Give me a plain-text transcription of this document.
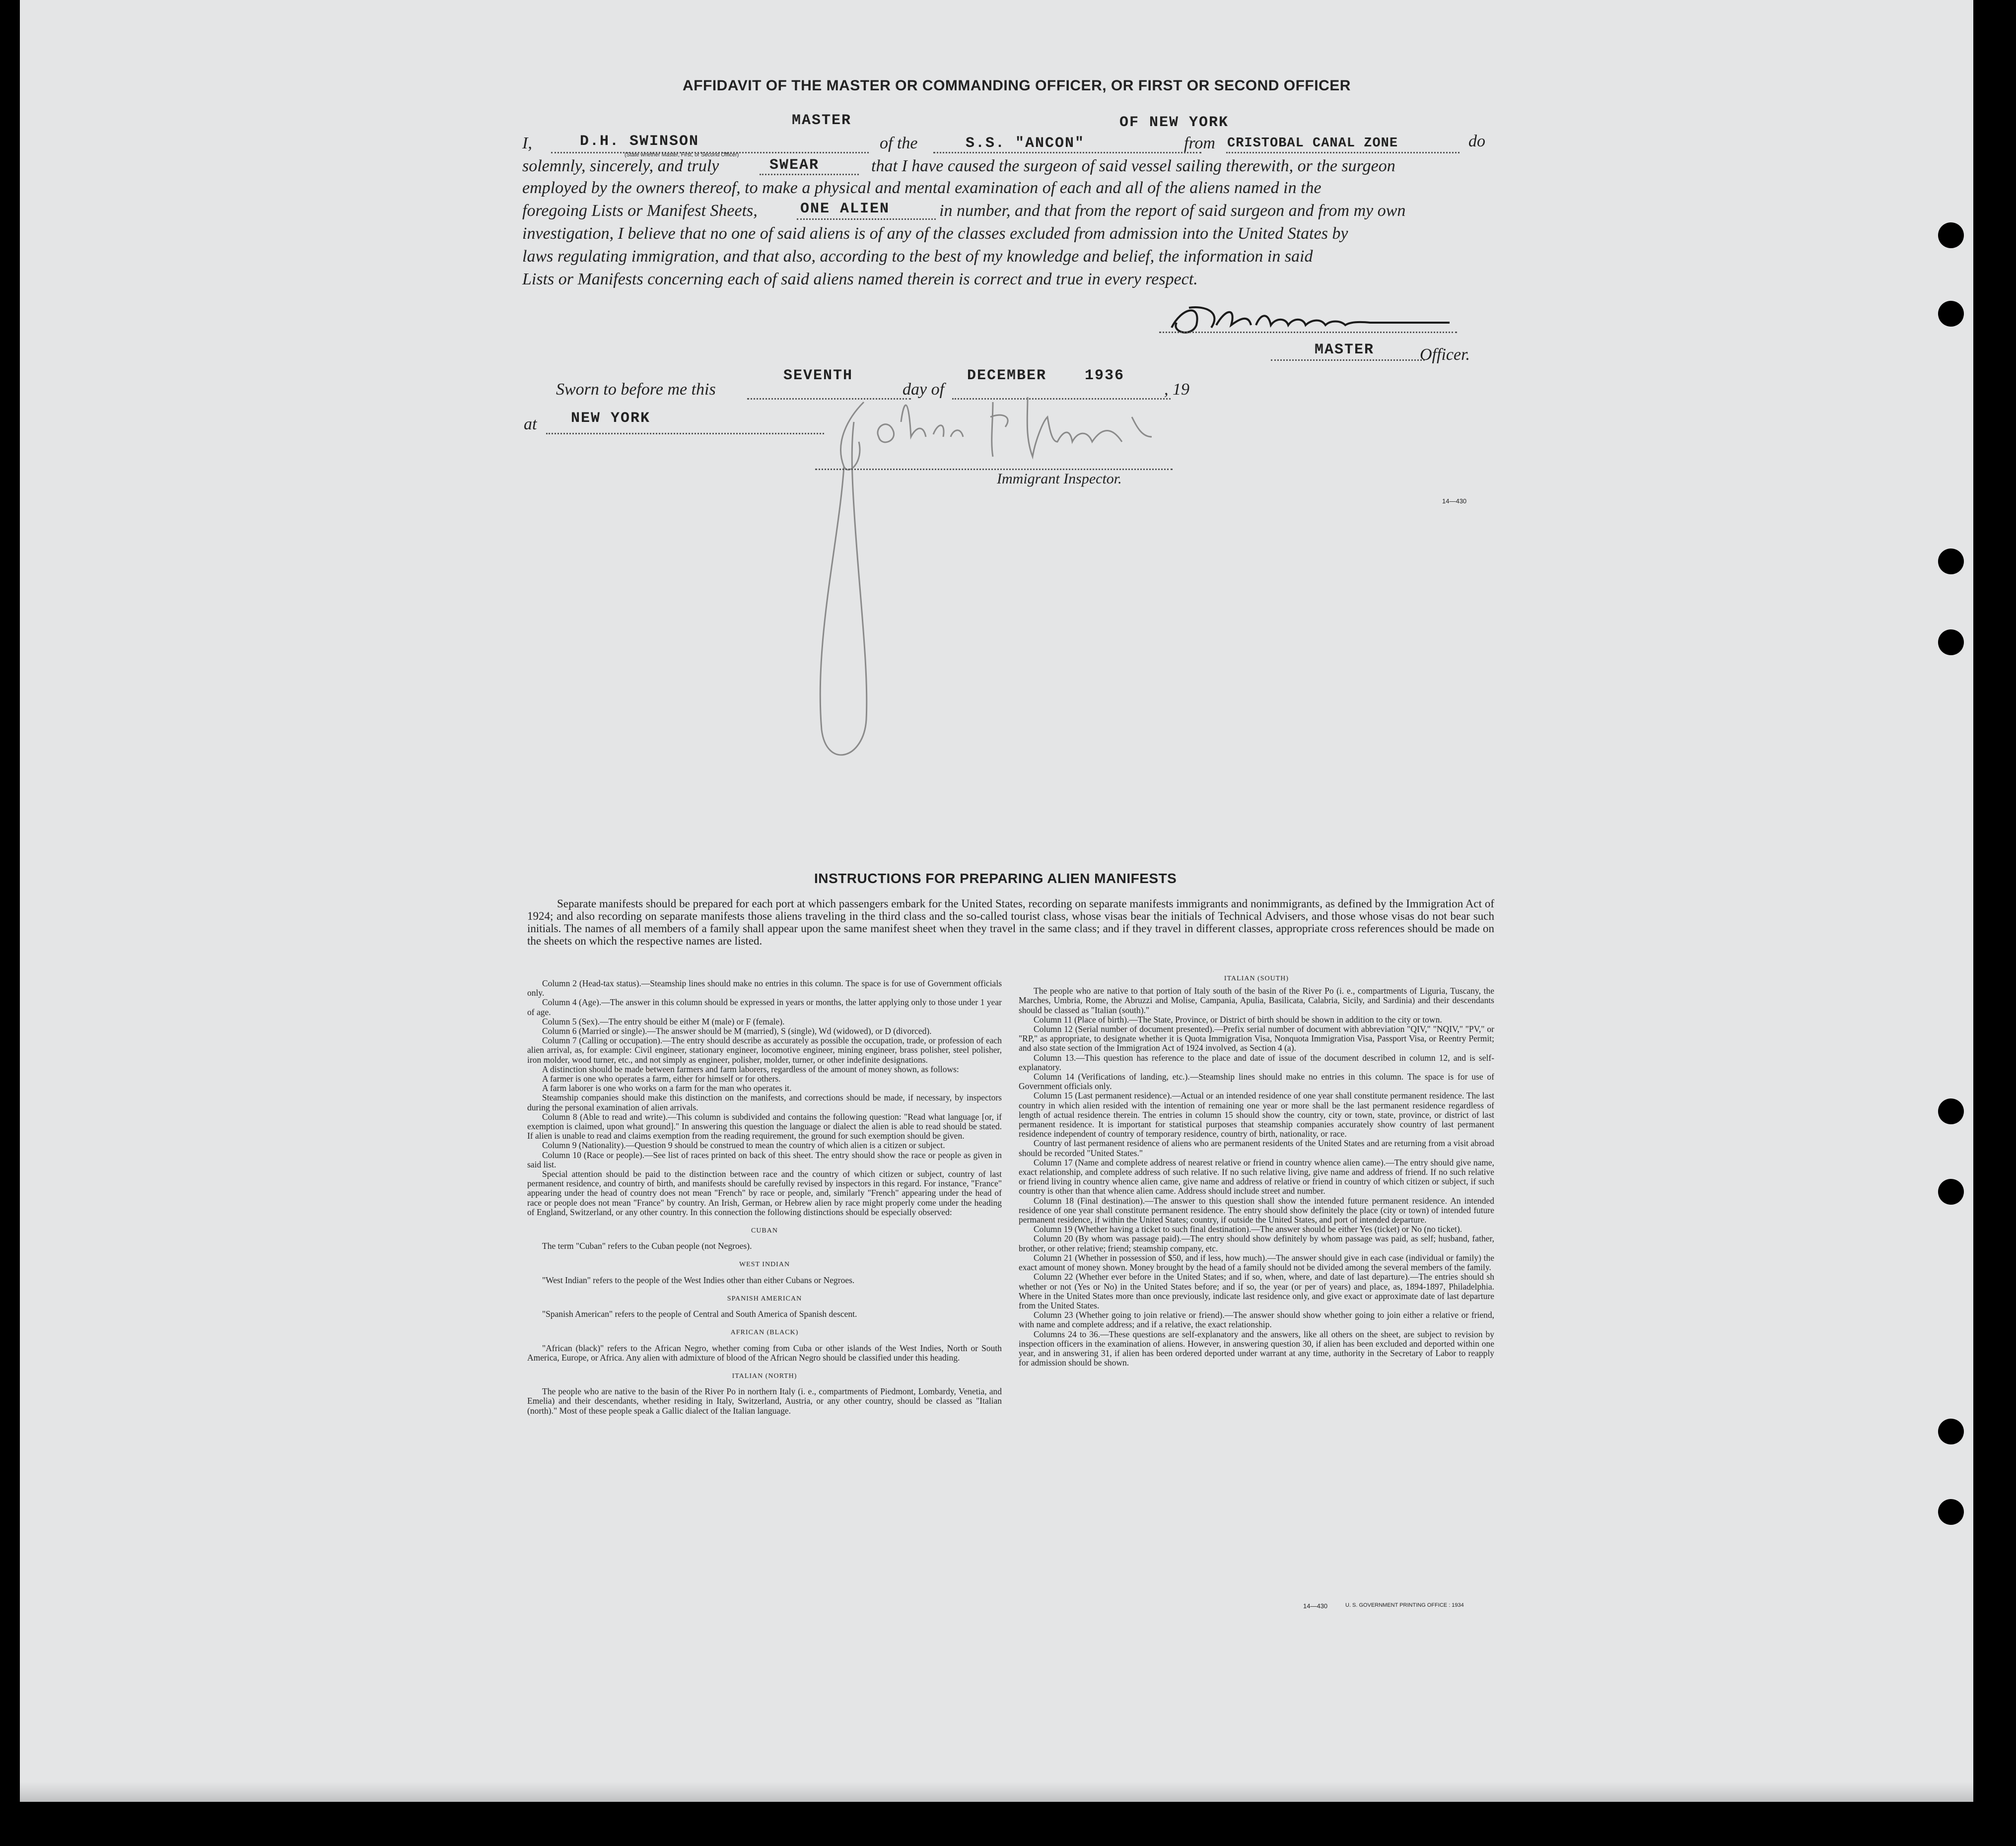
AFFIDAVIT OF THE MASTER OR COMMANDING OFFICER, OR FIRST OR SECOND OFFICER
MASTER	OF NEW YORK
I,	D.H. SWINSON	of the	S.S. "ANCON"	from CRISTOBAL CANAL ZONE	do
(State whether Master, First, or Second Officer)
solemnly, sincerely, and truly	SWEAR	that I have caused the surgeon of said vessel sailing therewith, or the surgeon
employed by the owners thereof, to make a physical and mental examination of each and all of the aliens named in the
foregoing Lists or Manifest Sheets,	ONE ALIEN	in number, and that from the report of said surgeon and from my own
investigation, I believe that no one of said aliens is of any of the classes excluded from admission into the United States by
laws regulating immigration, and that also, according to the best of my knowledge and belief, the information in said
Lists or Manifests concerning each of said aliens named therein is correct and true in every respect.
MASTER	Officer.
Sworn to before me this
SEVENTH
day of
DECEMBER	1936
, 19
at NEW YORK
Immigrant Inspector.
14—430
INSTRUCTIONS FOR PREPARING ALIEN MANIFESTS
Separate manifests should be prepared for each port at which passengers embark for the United States, recording on separate manifests immigrants and nonimmigrants, as defined by the Immigration Act of 1924; and also recording on separate manifests those aliens traveling in the third class and the so-called tourist class, whose visas bear the initials of Technical Advisers, and those whose visas do not bear such initials. The names of all members of a family shall appear upon the same manifest sheet when they travel in the same class; and if they travel in different classes, appropriate cross references should be made on the sheets on which the respective names are listed.

Column 2 (Head-tax status).—Steamship lines should make no entries in this column. The space is for use of Government officials only.

Column 4 (Age).—The answer in this column should be expressed in years or months, the latter applying only to those under 1 year of age.

Column 5 (Sex).—The entry should be either M (male) or F (female).

Column 6 (Married or single).—The answer should be M (married), S (single), Wd (widowed), or D (divorced).

Column 7 (Calling or occupation).—The entry should describe as accurately as possible the occupation, trade, or profession of each alien arrival, as, for example: Civil engineer, stationary engineer, locomotive engineer, mining engineer, brass polisher, steel polisher, iron molder, wood turner, etc., and not simply as engineer, polisher, molder, turner, or other indefinite designations.

A distinction should be made between farmers and farm laborers, regardless of the amount of money shown, as follows:

A farmer is one who operates a farm, either for himself or for others.

A farm laborer is one who works on a farm for the man who operates it.

Steamship companies should make this distinction on the manifests, and corrections should be made, if necessary, by inspectors during the personal examination of alien arrivals.

Column 8 (Able to read and write).—This column is subdivided and contains the following question: "Read what language [or, if exemption is claimed, upon what ground]." In answering this question the language or dialect the alien is able to read should be stated. If alien is unable to read and claims exemption from the reading requirement, the ground for such exemption should be given.

Column 9 (Nationality).—Question 9 should be construed to mean the country of which alien is a citizen or subject.

Column 10 (Race or people).—See list of races printed on back of this sheet. The entry should show the race or people as given in said list.

Special attention should be paid to the distinction between race and the country of which citizen or subject, country of last permanent residence, and country of birth, and manifests should be carefully revised by inspectors in this regard. For instance, "France" appearing under the head of country does not mean "French" by race or people, and, similarly "French" appearing under the head of race or people does not mean "France" by country. An Irish, German, or Hebrew alien by race might properly come under the heading of England, Switzerland, or any other country. In this connection the following distinctions should be especially observed:

CUBAN

The term "Cuban" refers to the Cuban people (not Negroes).

WEST INDIAN

"West Indian" refers to the people of the West Indies other than either Cubans or Negroes.

SPANISH AMERICAN

"Spanish American" refers to the people of Central and South America of Spanish descent.

AFRICAN (BLACK)

"African (black)" refers to the African Negro, whether coming from Cuba or other islands of the West Indies, North or South America, Europe, or Africa. Any alien with admixture of blood of the African Negro should be classified under this heading.

ITALIAN (NORTH)

The people who are native to the basin of the River Po in northern Italy (i. e., compartments of Piedmont, Lombardy, Venetia, and Emelia) and their descendants, whether residing in Italy, Switzerland, Austria, or any other country, should be classed as "Italian (north)." Most of these people speak a Gallic dialect of the Italian language.

ITALIAN (SOUTH)

The people who are native to that portion of Italy south of the basin of the River Po (i. e., compartments of Liguria, Tuscany, the Marches, Umbria, Rome, the Abruzzi and Molise, Campania, Apulia, Basilicata, Calabria, Sicily, and Sardinia) and their descendants should be classed as "Italian (south)."

Column 11 (Place of birth).—The State, Province, or District of birth should be shown in addition to the city or town.

Column 12 (Serial number of document presented).—Prefix serial number of document with abbreviation "QIV," "NQIV," "PV," or "RP," as appropriate, to designate whether it is Quota Immigration Visa, Nonquota Immigration Visa, Passport Visa, or Reentry Permit; and also state section of the Immigration Act of 1924 involved, as Section 4 (a).

Column 13.—This question has reference to the place and date of issue of the document described in column 12, and is self-explanatory.

Column 14 (Verifications of landing, etc.).—Steamship lines should make no entries in this column. The space is for use of Government officials only.

Column 15 (Last permanent residence).—Actual or an intended residence of one year shall constitute permanent residence. The last country in which alien resided with the intention of remaining one year or more shall be the last permanent residence regardless of length of actual residence therein. The entries in column 15 should show the country, city or town, state, province, or district of last permanent residence. It is important for statistical purposes that steamship companies accurately show country of last permanent residence independent of country of temporary residence, country of birth, nationality, or race.

Country of last permanent residence of aliens who are permanent residents of the United States and are returning from a visit abroad should be recorded "United States."

Column 17 (Name and complete address of nearest relative or friend in country whence alien came).—The entry should give name, exact relationship, and complete address of such relative. If no such relative living, give name and address of friend. If no such relative or friend living in country whence alien came, give name and address of relative or friend in country of which citizen or subject, if such country is other than that whence alien came. Address should include street and number.

Column 18 (Final destination).—The answer to this question shall show the intended future permanent residence. An intended residence of one year shall constitute permanent residence. The entry should show definitely the place (city or town) of intended future permanent residence, if within the United States; country, if outside the United States, and port of intended departure.

Column 19 (Whether having a ticket to such final destination).—The answer should be either Yes (ticket) or No (no ticket).

Column 20 (By whom was passage paid).—The entry should show definitely by whom passage was paid, as self; husband, father, brother, or other relative; friend; steamship company, etc.

Column 21 (Whether in possession of $50, and if less, how much).—The answer should give in each case (individual or family) the exact amount of money shown. Money brought by the head of a family should not be divided among the several members of the family.

Column 22 (Whether ever before in the United States; and if so, when, where, and date of last departure).—The entries should sh whether or not (Yes or No) in the United States before; and if so, the year (or per of years) and place, as, 1894-1897, Philadelphia. Where in the United States more than once previously, indicate last residence only, and give exact or approximate date of last departure from the United States.

Column 23 (Whether going to join relative or friend).—The answer should show whether going to join either a relative or friend, with name and complete address; and if a relative, the exact relationship.

Columns 24 to 36.—These questions are self-explanatory and the answers, like all others on the sheet, are subject to revision by inspection officers in the examination of aliens. However, in answering question 30, if alien has been excluded and deported within one year, and in answering 31, if alien has been ordered deported under warrant at any time, authority in the Secretary of Labor to reapply for admission should be shown.

14—430	U. S. GOVERNMENT PRINTING OFFICE : 1934
